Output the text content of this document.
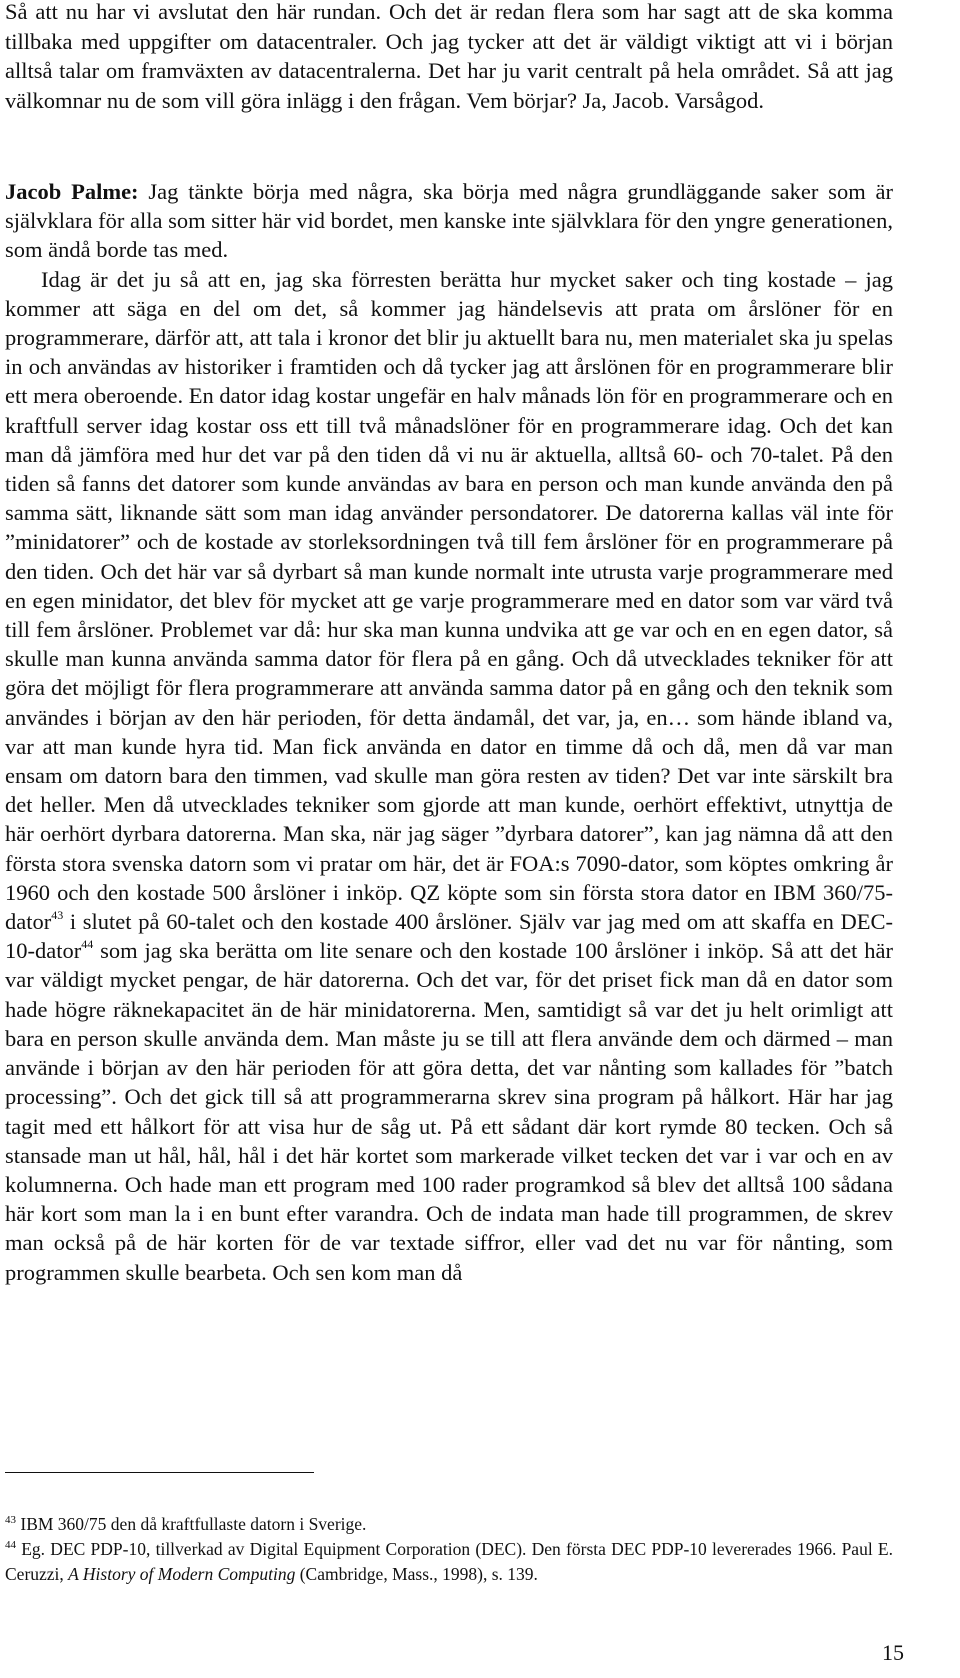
Så att nu har vi avslutat den här rundan. Och det är redan flera som har sagt att de ska komma tillbaka med uppgifter om datacentraler. Och jag tycker att det är väldigt viktigt att vi i början alltså talar om framväxten av datacentralerna. Det har ju varit centralt på hela området. Så att jag välkomnar nu de som vill göra inlägg i den frågan. Vem börjar? Ja, Jacob. Varsågod.

Jacob Palme: Jag tänkte börja med några, ska börja med några grundläggande saker som är självklara för alla som sitter här vid bordet, men kanske inte självklara för den yngre generationen, som ändå borde tas med.

Idag är det ju så att en, jag ska förresten berätta hur mycket saker och ting kostade – jag kommer att säga en del om det, så kommer jag händelsevis att prata om årslöner för en programmerare, därför att, att tala i kronor det blir ju aktuellt bara nu, men materialet ska ju spelas in och användas av historiker i framtiden och då tycker jag att årslönen för en programmerare blir ett mera oberoende. En dator idag kostar ungefär en halv månads lön för en programmerare och en kraftfull server idag kostar oss ett till två månadslöner för en programmerare idag. Och det kan man då jämföra med hur det var på den tiden då vi nu är aktuella, alltså 60- och 70-talet. På den tiden så fanns det datorer som kunde användas av bara en person och man kunde använda den på samma sätt, liknande sätt som man idag använder persondatorer. De datorerna kallas väl inte för ”minidatorer” och de kostade av storleksordningen två till fem årslöner för en programmerare på den tiden. Och det här var så dyrbart så man kunde normalt inte utrusta varje programmerare med en egen minidator, det blev för mycket att ge varje programmerare med en dator som var värd två till fem årslöner. Problemet var då: hur ska man kunna undvika att ge var och en en egen dator, så skulle man kunna använda samma dator för flera på en gång. Och då utvecklades tekniker för att göra det möjligt för flera programmerare att använda samma dator på en gång och den teknik som användes i början av den här perioden, för detta ändamål, det var, ja, en… som hände ibland va, var att man kunde hyra tid. Man fick använda en dator en timme då och då, men då var man ensam om datorn bara den timmen, vad skulle man göra resten av tiden? Det var inte särskilt bra det heller. Men då utvecklades tekniker som gjorde att man kunde, oerhört effektivt, utnyttja de här oerhört dyrbara datorerna. Man ska, när jag säger ”dyrbara datorer”, kan jag nämna då att den första stora svenska datorn som vi pratar om här, det är FOA:s 7090-dator, som köptes omkring år 1960 och den kostade 500 årslöner i inköp. QZ köpte som sin första stora dator en IBM 360/75-dator$^{43}$ i slutet på 60-talet och den kostade 400 årslöner. Själv var jag med om att skaffa en DEC-10-dator$^{44}$ som jag ska berätta om lite senare och den kostade 100 årslöner i inköp. Så att det här var väldigt mycket pengar, de här datorerna. Och det var, för det priset fick man då en dator som hade högre räknekapacitet än de här minidatorerna. Men, samtidigt så var det ju helt orimligt att bara en person skulle använda dem. Man måste ju se till att flera använde dem och därmed – man använde i början av den här perioden för att göra detta, det var nånting som kallades för ”batch processing”. Och det gick till så att programmerarna skrev sina program på hålkort. Här har jag tagit med ett hålkort för att visa hur de såg ut. På ett sådant där kort rymde 80 tecken. Och så stansade man ut hål, hål, hål i det här kortet som markerade vilket tecken det var i var och en av kolumnerna. Och hade man ett program med 100 rader programkod så blev det alltså 100 sådana här kort som man la i en bunt efter varandra. Och de indata man hade till programmen, de skrev man också på de här korten för de var textade siffror, eller vad det nu var för nånting, som programmen skulle bearbeta. Och sen kom man då

$^{43}$ IBM 360/75 den då kraftfullaste datorn i Sverige.

$^{44}$ Eg. DEC PDP-10, tillverkad av Digital Equipment Corporation (DEC). Den första DEC PDP-10 levererades 1966. Paul E. Ceruzzi, A History of Modern Computing (Cambridge, Mass., 1998), s. 139.

15
